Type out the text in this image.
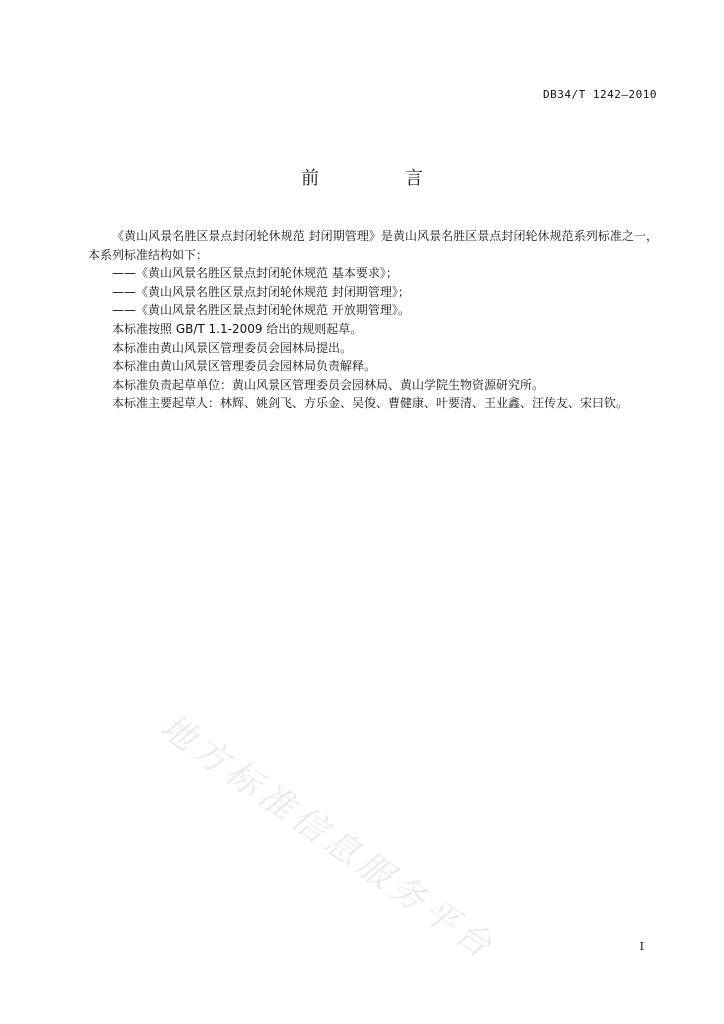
DB34/T 1242—2010
前 言

《黄山风景名胜区景点封闭轮休规范 封闭期管理》是黄山风景名胜区景点封闭轮休规范系列标准之一，本系列标准结构如下：

——《黄山风景名胜区景点封闭轮休规范 基本要求》；

——《黄山风景名胜区景点封闭轮休规范 封闭期管理》；

——《黄山风景名胜区景点封闭轮休规范 开放期管理》。

本标准按照 GB/T 1.1-2009 给出的规则起草。

本标准由黄山风景区管理委员会园林局提出。

本标准由黄山风景区管理委员会园林局负责解释。

本标准负责起草单位：黄山风景区管理委员会园林局、黄山学院生物资源研究所。

本标准主要起草人：林辉、姚剑飞、方乐金、吴俊、曹健康、叶要清、王业鑫、汪传友、宋曰钦。

地方标准信息服务平台	I
